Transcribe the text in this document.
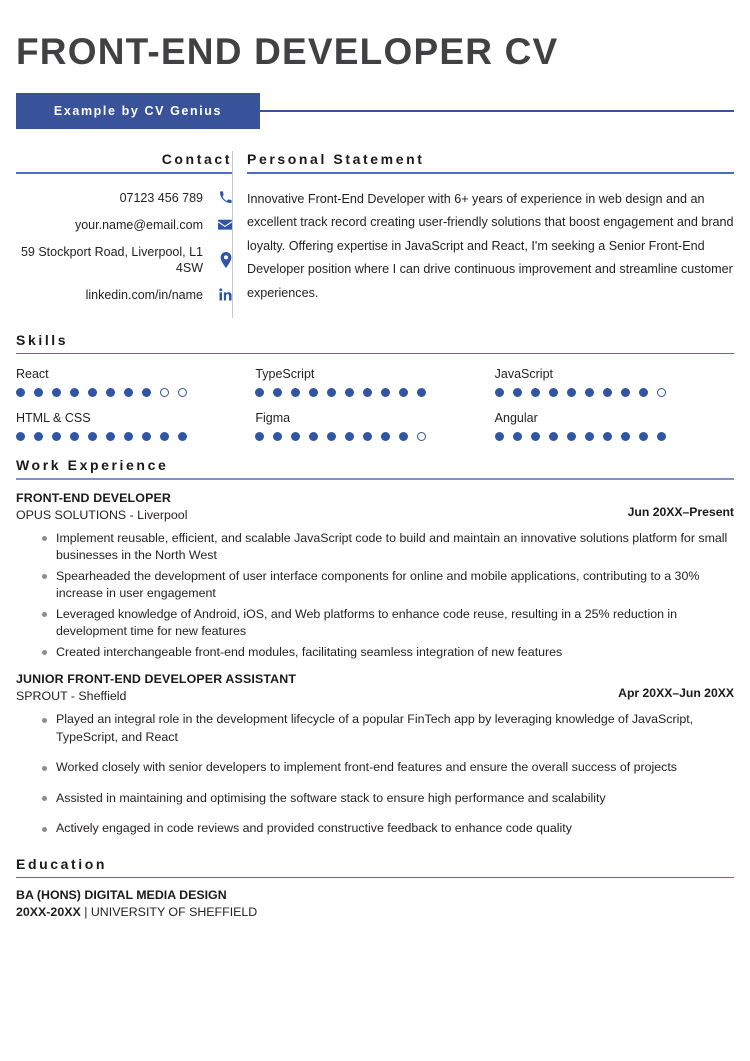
FRONT-END DEVELOPER CV
Example by CV Genius
Contact
07123 456 789
your.name@email.com
59 Stockport Road, Liverpool, L1 4SW
linkedin.com/in/name
Personal Statement

Innovative Front-End Developer with 6+ years of experience in web design and an excellent track record creating user-friendly solutions that boost engagement and brand loyalty. Offering expertise in JavaScript and React, I'm seeking a Senior Front-End Developer position where I can drive continuous improvement and streamline customer experiences.

Skills
React	TypeScript	JavaScript
HTML & CSS	Figma	Angular
Work Experience
FRONT-END DEVELOPER
OPUS SOLUTIONS - Liverpool	Jun 20XX–Present
Implement reusable, efficient, and scalable JavaScript code to build and maintain an innovative solutions platform for small businesses in the North West
Spearheaded the development of user interface components for online and mobile applications, contributing to a 30% increase in user engagement
Leveraged knowledge of Android, iOS, and Web platforms to enhance code reuse, resulting in a 25% reduction in development time for new features
Created interchangeable front-end modules, facilitating seamless integration of new features
JUNIOR FRONT-END DEVELOPER ASSISTANT
SPROUT - Sheffield	Apr 20XX–Jun 20XX
Played an integral role in the development lifecycle of a popular FinTech app by leveraging knowledge of JavaScript, TypeScript, and React
Worked closely with senior developers to implement front-end features and ensure the overall success of projects
Assisted in maintaining and optimising the software stack to ensure high performance and scalability
Actively engaged in code reviews and provided constructive feedback to enhance code quality
Education
BA (HONS) DIGITAL MEDIA DESIGN
20XX-20XX | UNIVERSITY OF SHEFFIELD
